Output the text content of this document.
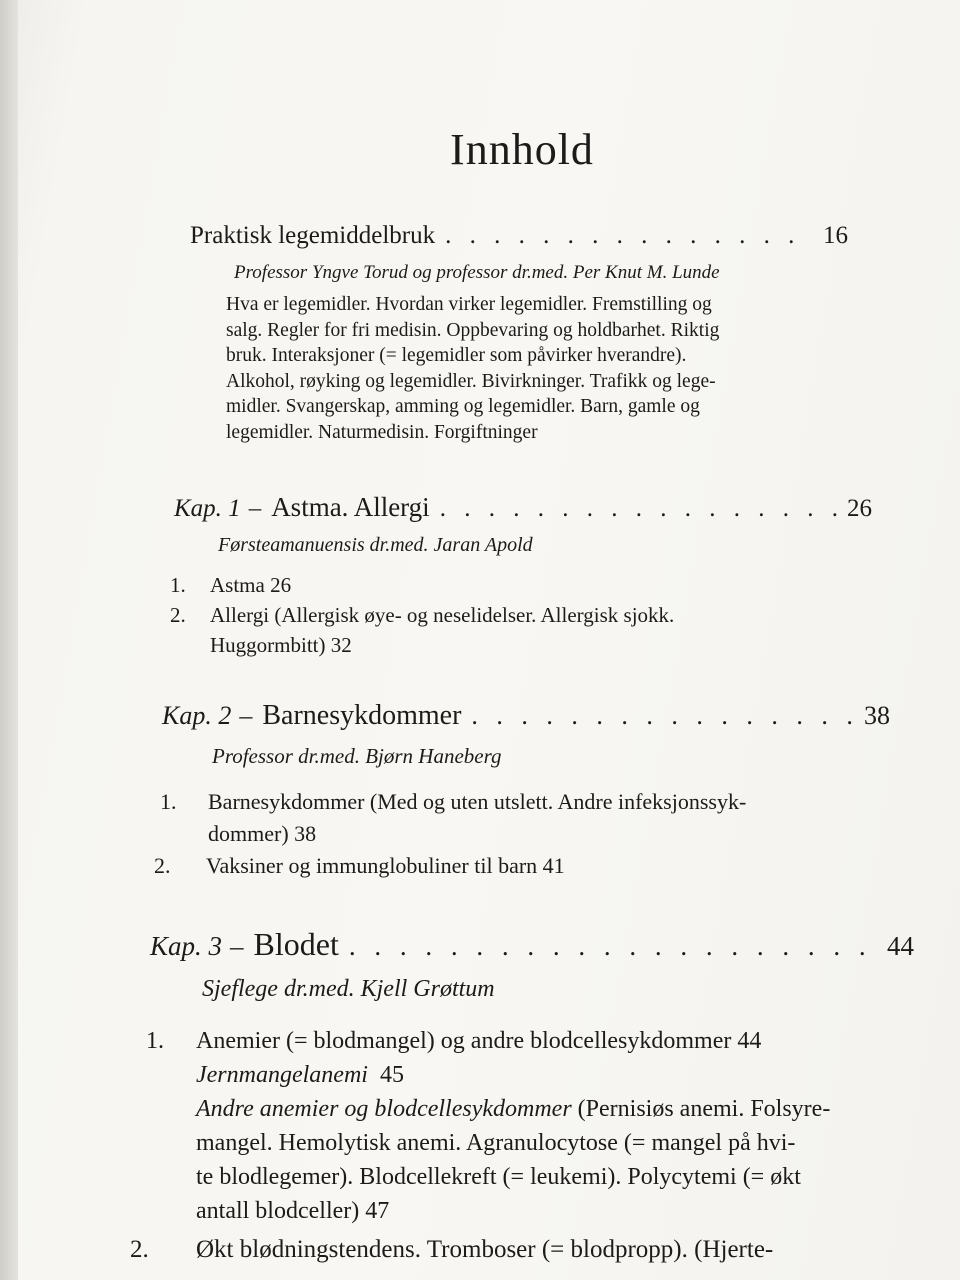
Innhold
Praktisk legemiddelbruk . . .	16
Professor Yngve Torud og professor dr.med. Per Knut M. Lunde
Hva er legemidler. Hvordan virker legemidler. Fremstilling og
salg. Regler for fri medisin. Oppbevaring og holdbarhet. Riktig
bruk. Interaksjoner (= legemidler som påvirker hverandre).
Alkohol, røyking og legemidler. Bivirkninger. Trafikk og lege-
midler. Svangerskap, amming og legemidler. Barn, gamle og
legemidler. Naturmedisin. Forgiftninger
Kap. 1 – Astma. Allergi . . .	26
Førsteamanuensis dr.med. Jaran Apold
1.	Astma 26
2.	Allergi (Allergisk øye- og neselidelser. Allergisk sjokk.
Huggormbitt) 32
Kap. 2 – Barnesykdommer . . .	38
Professor dr.med. Bjørn Haneberg
1.	Barnesykdommer (Med og uten utslett. Andre infeksjonssyk-
dommer) 38
2.	Vaksiner og immunglobuliner til barn 41
Kap. 3 – Blodet . . .	44
Sjeflege dr.med. Kjell Grøttum
1.	Anemier (= blodmangel) og andre blodcellesykdommer 44
Jernmangelanemi  45
Andre anemier og blodcellesykdommer (Pernisiøs anemi. Folsyre-
mangel. Hemolytisk anemi. Agranulocytose (= mangel på hvi-
te blodlegemer). Blodcellekreft (= leukemi). Polycytemi (= økt
antall blodceller) 47
2.	Økt blødningstendens. Tromboser (= blodpropp). (Hjerte-
